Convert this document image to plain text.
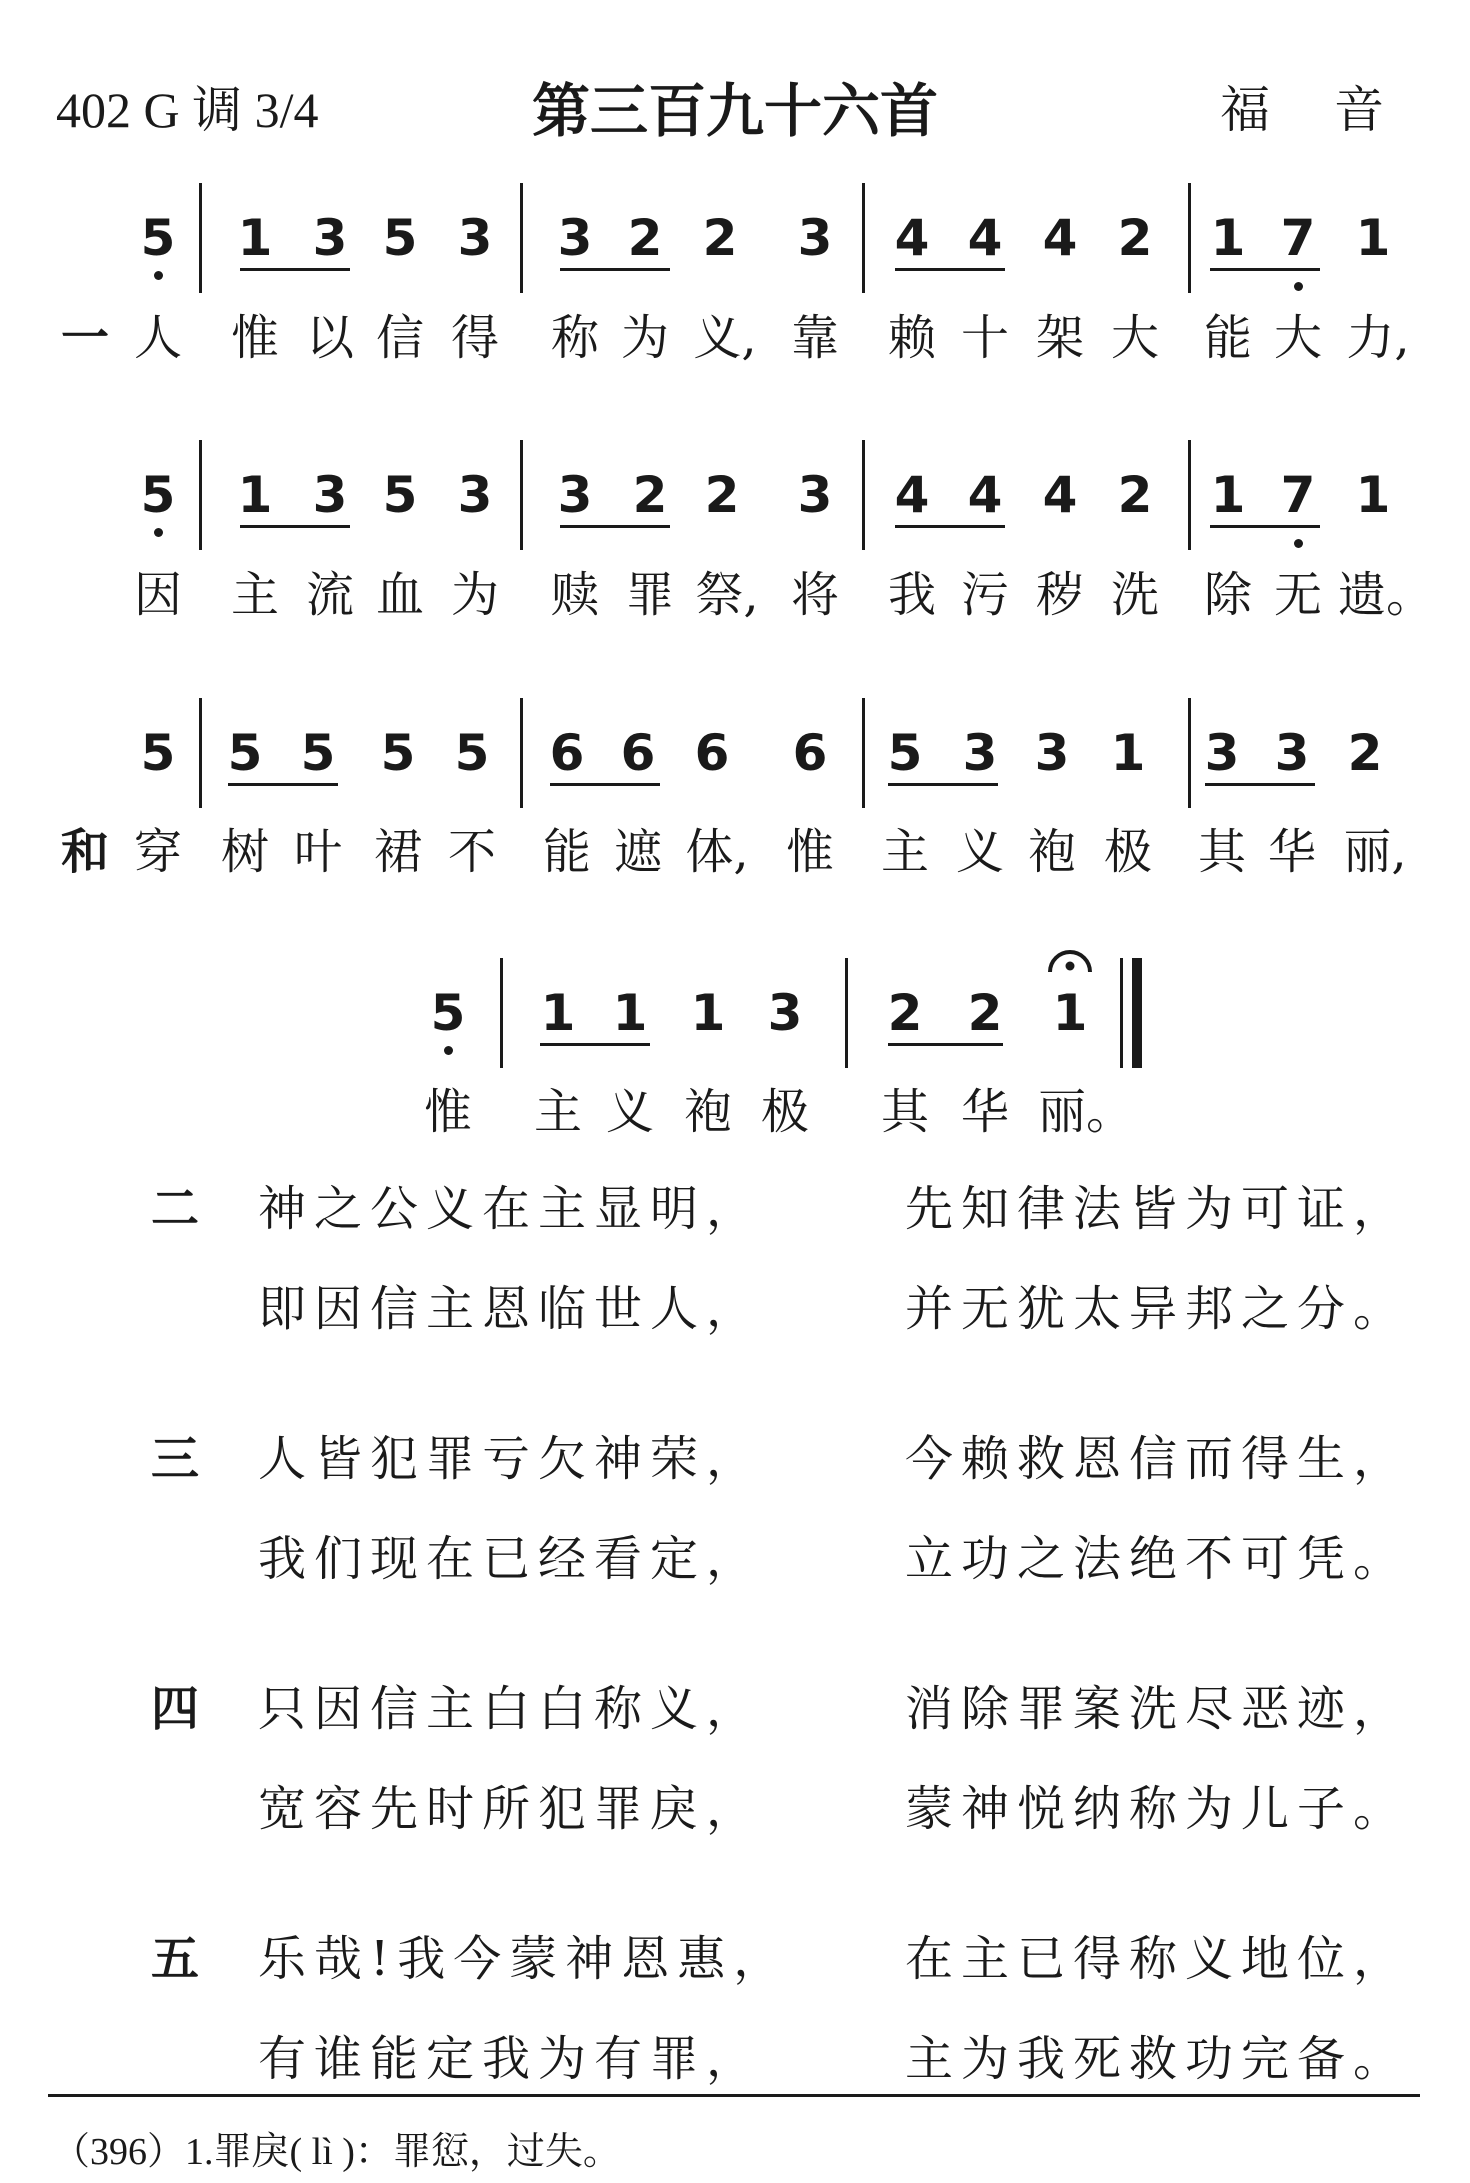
402 G 调 3/4	第三百九十六首	福 音
5 1 3 5 3 3 2 2 3 4 4 4 2 1 7 1
一 人	惟 以 信 得	称 为 义, 靠	赖 十 架 大 能 大 力,
5 1 3 5 3 3 2 2 3 4 4 4 2 1 7 1
因	主 流 血 为	赎 罪 祭, 将	我 污 秽 洗 除 无 遗。
5 5 5 5 5 6 6 6 6 5 3 3 1 3 3 2
和 穿 树 叶 裙 不 能 遮 体, 惟 主 义 袍 极 其 华 丽,
5 1 1 1 3 2 2 1
惟	主 义 袍 极	其 华 丽。
二	神之公义在主显明，	先知律法皆为可证，
即因信主恩临世人，	并无犹太异邦之分。
三	人皆犯罪亏欠神荣，	今赖救恩信而得生，
我们现在已经看定，	立功之法绝不可凭。
四	只因信主白白称义，	消除罪案洗尽恶迹，
宽容先时所犯罪戾，	蒙神悦纳称为儿子。
五	乐哉!我今蒙神恩惠， 在主已得称义地位，
有谁能定我为有罪，	主为我死救功完备。
（396）1.罪戾( lì )：罪愆，过失。
